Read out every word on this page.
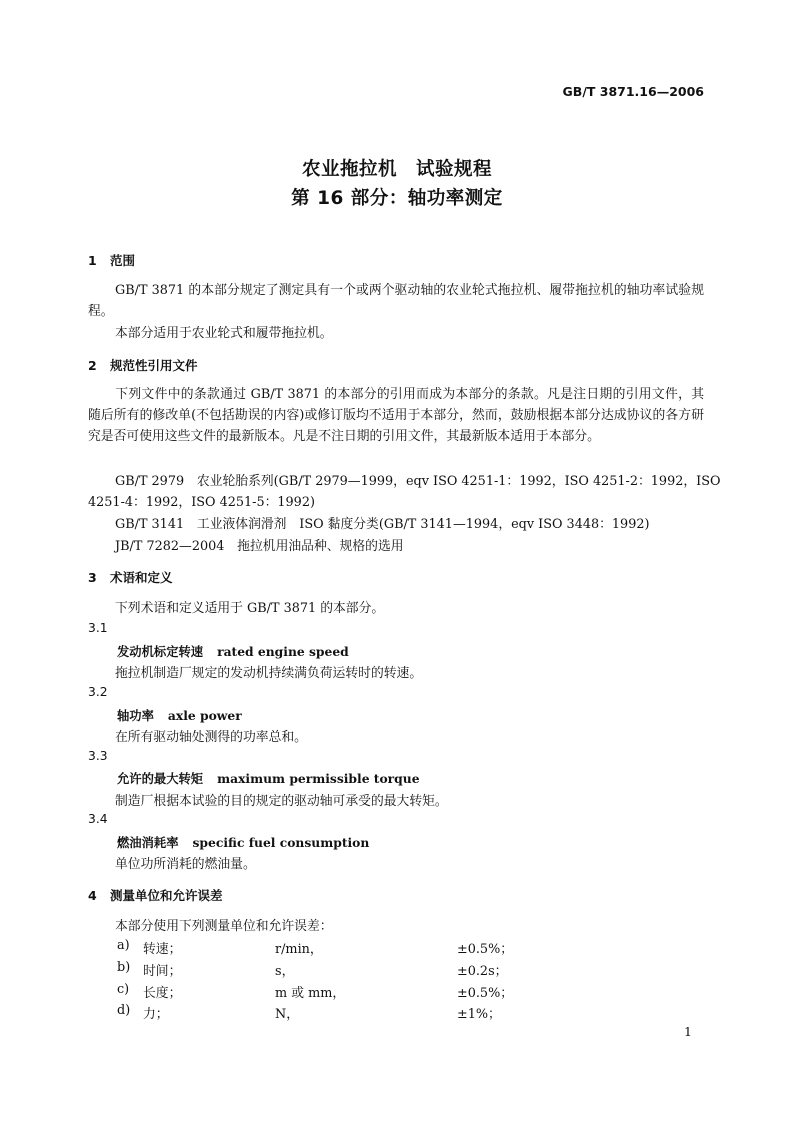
GB/T 3871.16—2006
农业拖拉机　试验规程
第 16 部分：轴功率测定
1 范围
GB/T 3871 的本部分规定了测定具有一个或两个驱动轴的农业轮式拖拉机、履带拖拉机的轴功率试验规程。
本部分适用于农业轮式和履带拖拉机。
2 规范性引用文件
下列文件中的条款通过 GB/T 3871 的本部分的引用而成为本部分的条款。凡是注日期的引用文件，其随后所有的修改单(不包括勘误的内容)或修订版均不适用于本部分，然而，鼓励根据本部分达成协议的各方研究是否可使用这些文件的最新版本。凡是不注日期的引用文件，其最新版本适用于本部分。
GB/T 2979　农业轮胎系列(GB/T 2979—1999，eqv ISO 4251-1：1992，ISO 4251-2：1992，ISO
4251-4：1992，ISO 4251-5：1992)
GB/T 3141　工业液体润滑剂　ISO 黏度分类(GB/T 3141—1994，eqv ISO 3448：1992)
JB/T 7282—2004　拖拉机用油品种、规格的选用
3 术语和定义
下列术语和定义适用于 GB/T 3871 的本部分。
3.1
发动机标定转速 rated engine speed
拖拉机制造厂规定的发动机持续满负荷运转时的转速。
3.2
轴功率 axle power
在所有驱动轴处测得的功率总和。
3.3
允许的最大转矩 maximum permissible torque
制造厂根据本试验的目的规定的驱动轴可承受的最大转矩。
3.4
燃油消耗率 specific fuel consumption
单位功所消耗的燃油量。
4 测量单位和允许误差
本部分使用下列测量单位和允许误差：
a) 转速；	r/min，	±0.5%；
b) 时间；	s，	±0.2s；
c) 长度；	m 或 mm，	±0.5%；
d) 力；	N，	±1%；
1
